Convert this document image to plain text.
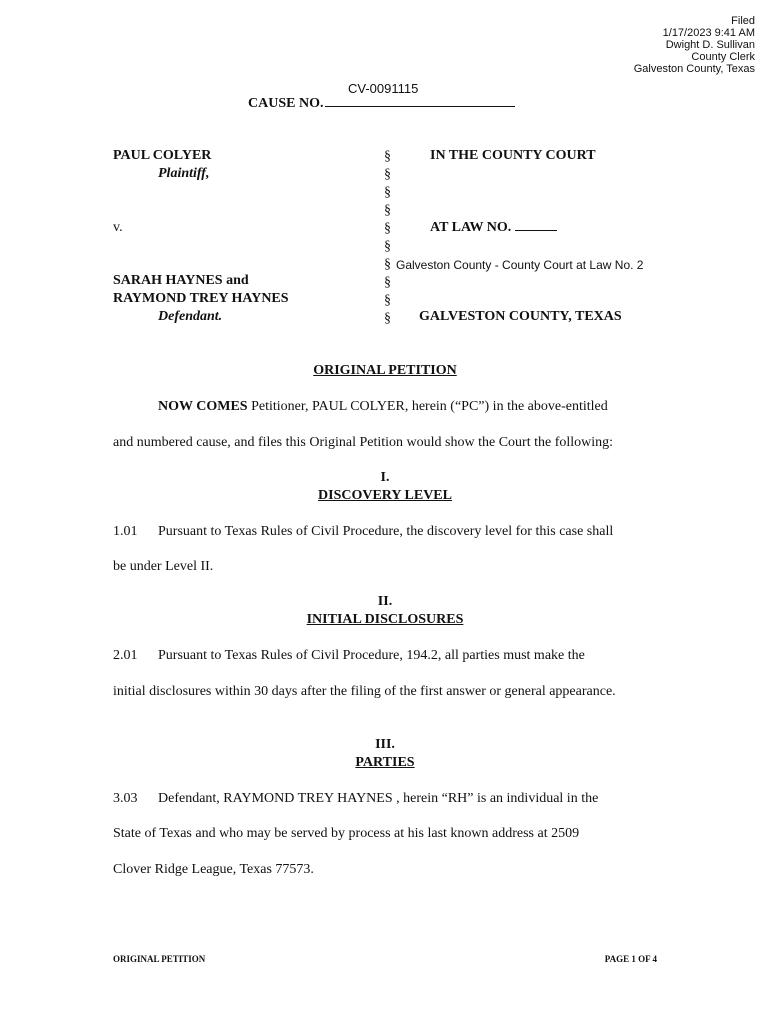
Filed
1/17/2023 9:41 AM
Dwight D. Sullivan
County Clerk
Galveston County, Texas
CV-0091115
CAUSE NO.
PAUL COLYER
Plaintiff,
v.
SARAH HAYNES and
RAYMOND TREY HAYNES
Defendant.
§
§
§
§
§
§
§
§
§
§
IN THE COUNTY COURT
AT LAW NO.
Galveston County - County Court at Law No. 2
GALVESTON COUNTY, TEXAS
ORIGINAL PETITION
NOW COMES Petitioner, PAUL COLYER, herein (“PC”) in the above-entitled
and numbered cause, and files this Original Petition would show the Court the following:
I.
DISCOVERY LEVEL
1.01 Pursuant to Texas Rules of Civil Procedure, the discovery level for this case shall
be under Level II.
II.
INITIAL DISCLOSURES
2.01 Pursuant to Texas Rules of Civil Procedure, 194.2, all parties must make the
initial disclosures within 30 days after the filing of the first answer or general appearance.
III.
PARTIES
3.03 Defendant, RAYMOND TREY HAYNES , herein “RH” is an individual in the
State of Texas and who may be served by process at his last known address at 2509
Clover Ridge League, Texas 77573.
ORIGINAL PETITION	PAGE 1 OF 4
